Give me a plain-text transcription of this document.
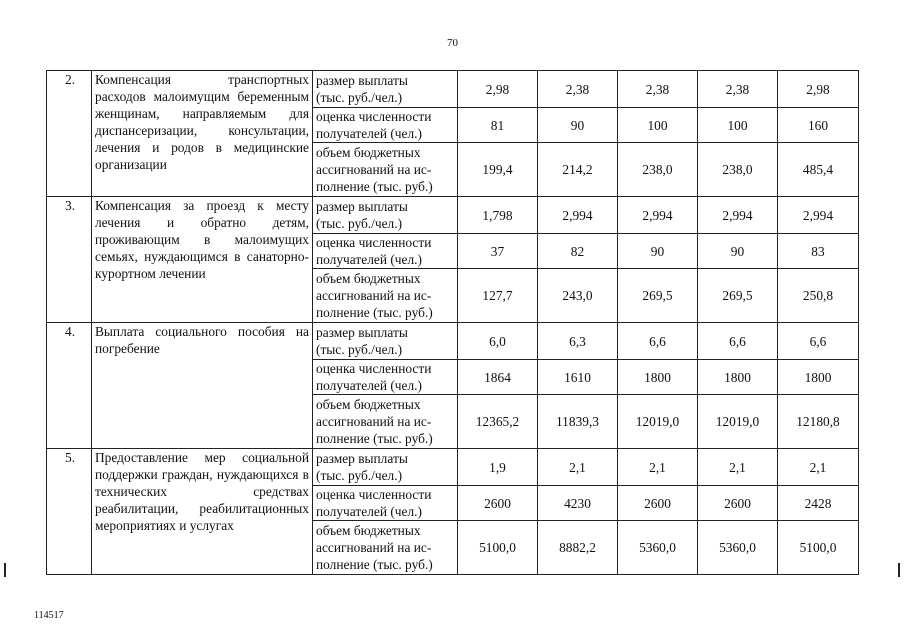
70
2.	Компенсация транспортных расходов малоимущим беременным женщинам, направляемым для диспансеризации, консультации, лечения и родов в медицинские организации	размер выплаты
(тыс. руб./чел.)	2,98	2,38	2,38	2,38	2,98
		оценка численности
получателей (чел.)	81	90	100	100	160
		объем бюджетных
ассигнований на ис-
полнение (тыс. руб.)	199,4	214,2	238,0	238,0	485,4
3.	Компенсация за проезд к месту лечения и обратно детям, проживающим в малоимущих семьях, нуждающимся в санаторно-курортном лечении	размер выплаты
(тыс. руб./чел.)	1,798	2,994	2,994	2,994	2,994
		оценка численности
получателей (чел.)	37	82	90	90	83
		объем бюджетных
ассигнований на ис-
полнение (тыс. руб.)	127,7	243,0	269,5	269,5	250,8
4.	Выплата социального пособия на погребение	размер выплаты
(тыс. руб./чел.)	6,0	6,3	6,6	6,6	6,6
		оценка численности
получателей (чел.)	1864	1610	1800	1800	1800
		объем бюджетных
ассигнований на ис-
полнение (тыс. руб.)	12365,2	11839,3	12019,0	12019,0	12180,8
5.	Предоставление мер социальной поддержки граждан, нуждающихся в технических средствах реабилитации, реабилитационных мероприятиях и услугах	размер выплаты
(тыс. руб./чел.)	1,9	2,1	2,1	2,1	2,1
		оценка численности
получателей (чел.)	2600	4230	2600	2600	2428
		объем бюджетных
ассигнований на ис-
полнение (тыс. руб.)	5100,0	8882,2	5360,0	5360,0	5100,0
114517
